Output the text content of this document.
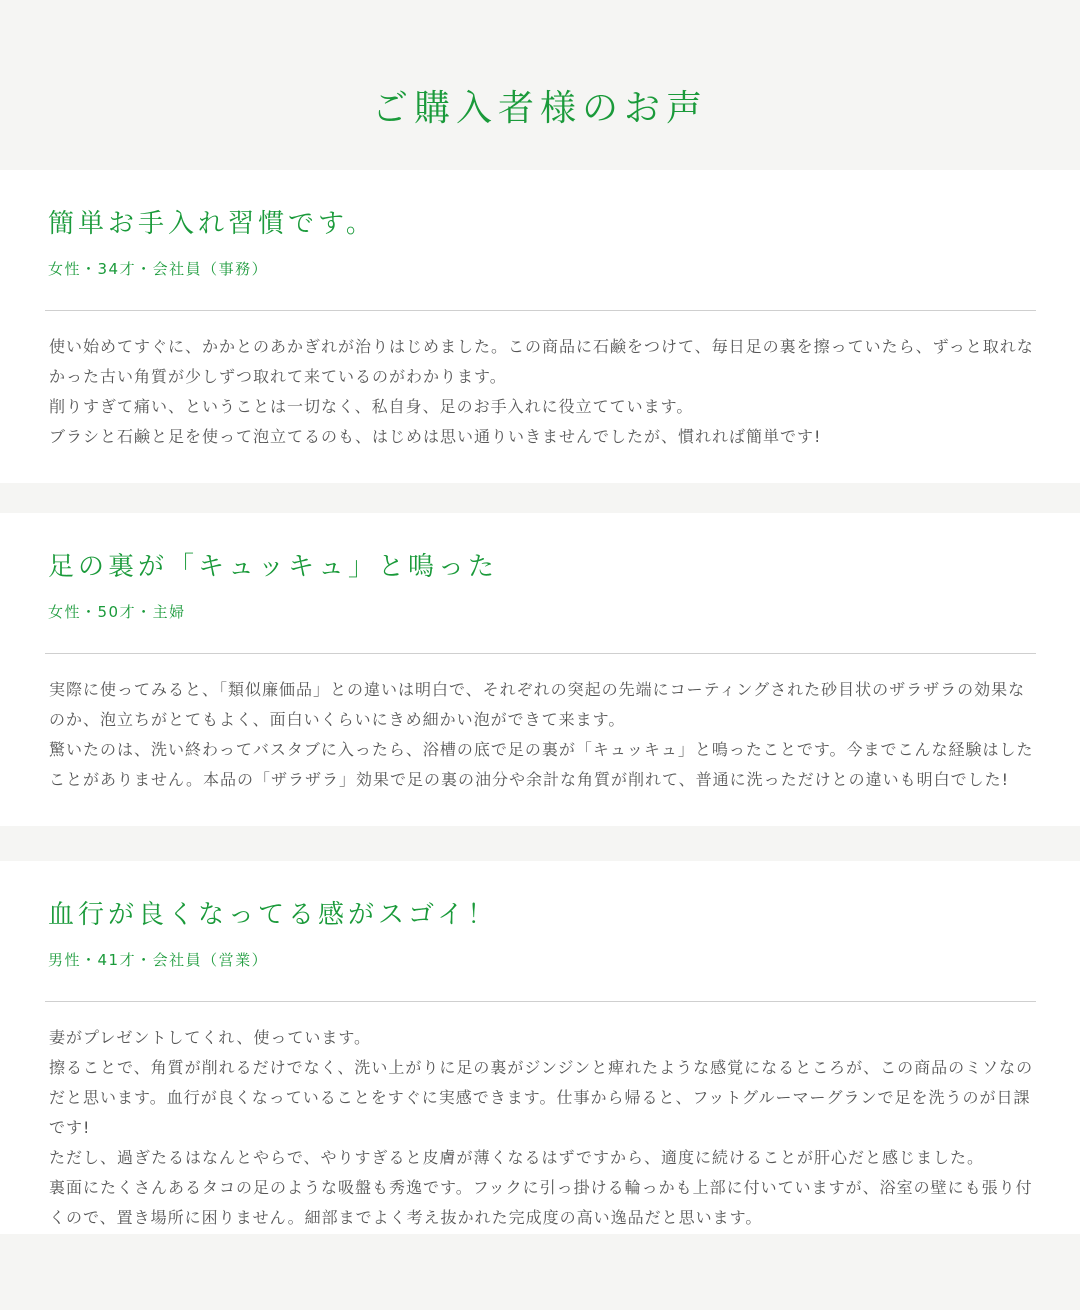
ご購入者様のお声
簡単お手入れ習慣です。
女性・34才・会社員（事務）

使い始めてすぐに、かかとのあかぎれが治りはじめました。この商品に石鹸をつけて、毎日足の裏を擦っていたら、ずっと取れなかった古い角質が少しずつ取れて来ているのがわかります。

削りすぎて痛い、ということは一切なく、私自身、足のお手入れに役立てています。

ブラシと石鹸と足を使って泡立てるのも、はじめは思い通りいきませんでしたが、慣れれば簡単です!

足の裏が「キュッキュ」と鳴った
女性・50才・主婦

実際に使ってみると、「類似廉価品」との違いは明白で、それぞれの突起の先端にコーティングされた砂目状のザラザラの効果なのか、泡立ちがとてもよく、面白いくらいにきめ細かい泡ができて来ます。

驚いたのは、洗い終わってバスタブに入ったら、浴槽の底で足の裏が「キュッキュ」と鳴ったことです。今までこんな経験はしたことがありません。本品の「ザラザラ」効果で足の裏の油分や余計な角質が削れて、普通に洗っただけとの違いも明白でした!

血行が良くなってる感がスゴイ！
男性・41才・会社員（営業）

妻がプレゼントしてくれ、使っています。

擦ることで、角質が削れるだけでなく、洗い上がりに足の裏がジンジンと痺れたような感覚になるところが、この商品のミソなのだと思います。血行が良くなっていることをすぐに実感できます。仕事から帰ると、フットグルーマーグランで足を洗うのが日課です!

ただし、過ぎたるはなんとやらで、やりすぎると皮膚が薄くなるはずですから、適度に続けることが肝心だと感じました。

裏面にたくさんあるタコの足のような吸盤も秀逸です。フックに引っ掛ける輪っかも上部に付いていますが、浴室の壁にも張り付くので、置き場所に困りません。細部までよく考え抜かれた完成度の高い逸品だと思います。
